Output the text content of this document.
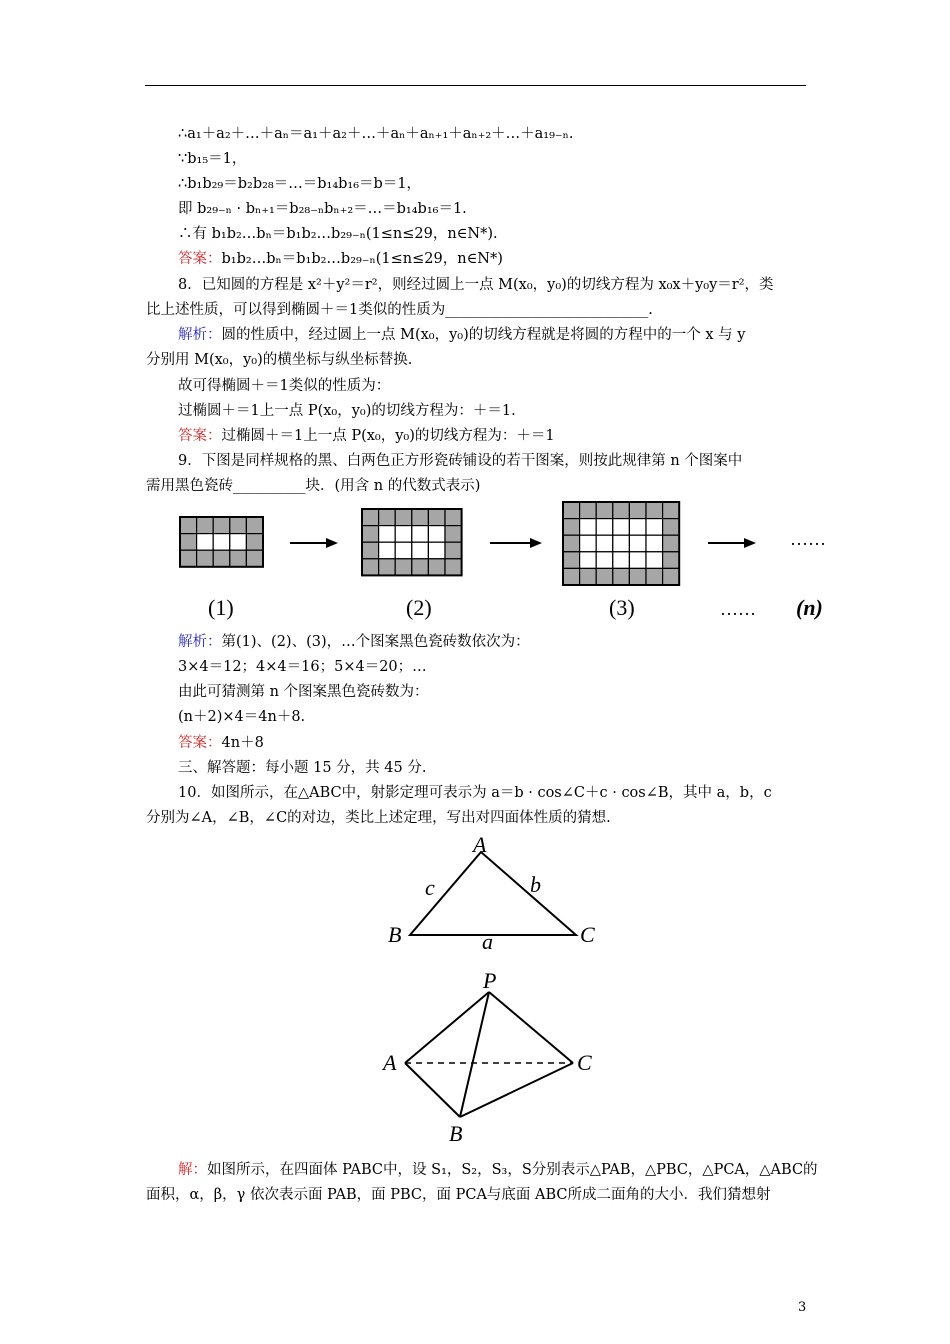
∴a₁＋a₂＋…＋aₙ＝a₁＋a₂＋…＋aₙ＋aₙ₊₁＋aₙ₊₂＋…＋a₁₉₋ₙ.
∵b₁₅＝1，
∴b₁b₂₉＝b₂b₂₈＝…＝b₁₄b₁₆＝b＝1，
即 b₂₉₋ₙ · bₙ₊₁＝b₂₈₋ₙbₙ₊₂＝…＝b₁₄b₁₆＝1.
∴有 b₁b₂…bₙ＝b₁b₂…b₂₉₋ₙ(1≤n≤29，n∈N*).
答案：b₁b₂…bₙ＝b₁b₂…b₂₉₋ₙ(1≤n≤29，n∈N*)
8．已知圆的方程是 x²＋y²＝r²，则经过圆上一点 M(x₀，y₀)的切线方程为 x₀x＋y₀y＝r²，类
比上述性质，可以得到椭圆＋＝1类似的性质为____________________________.
解析：圆的性质中，经过圆上一点 M(x₀，y₀)的切线方程就是将圆的方程中的一个 x 与 y
分别用 M(x₀，y₀)的横坐标与纵坐标替换.
故可得椭圆＋＝1类似的性质为：
过椭圆＋＝1上一点 P(x₀，y₀)的切线方程为：＋＝1.
答案：过椭圆＋＝1上一点 P(x₀，y₀)的切线方程为：＋＝1
9．下图是同样规格的黑、白两色正方形瓷砖铺设的若干图案，则按此规律第 n 个图案中
需用黑色瓷砖__________块．(用含 n 的代数式表示)
解析：第(1)、(2)、(3)，…个图案黑色瓷砖数依次为：
3×4＝12；4×4＝16；5×4＝20；…
由此可猜测第 n 个图案黑色瓷砖数为：
(n＋2)×4＝4n＋8.
答案：4n＋8
三、解答题：每小题 15 分，共 45 分.
10．如图所示，在△ABC中，射影定理可表示为 a＝b · cos∠C＋c · cos∠B，其中 a，b，c
分别为∠A，∠B，∠C的对边，类比上述定理，写出对四面体性质的猜想.
解：如图所示，在四面体 PABC中，设 S₁，S₂，S₃，S分别表示△PAB，△PBC，△PCA，△ABC的
面积，α，β，γ 依次表示面 PAB，面 PBC，面 PCA与底面 ABC所成二面角的大小．我们猜想射
……
(1)	(2)	(3)	…… (n)
A
B	C
c	b
a
P
A	C
B
3
